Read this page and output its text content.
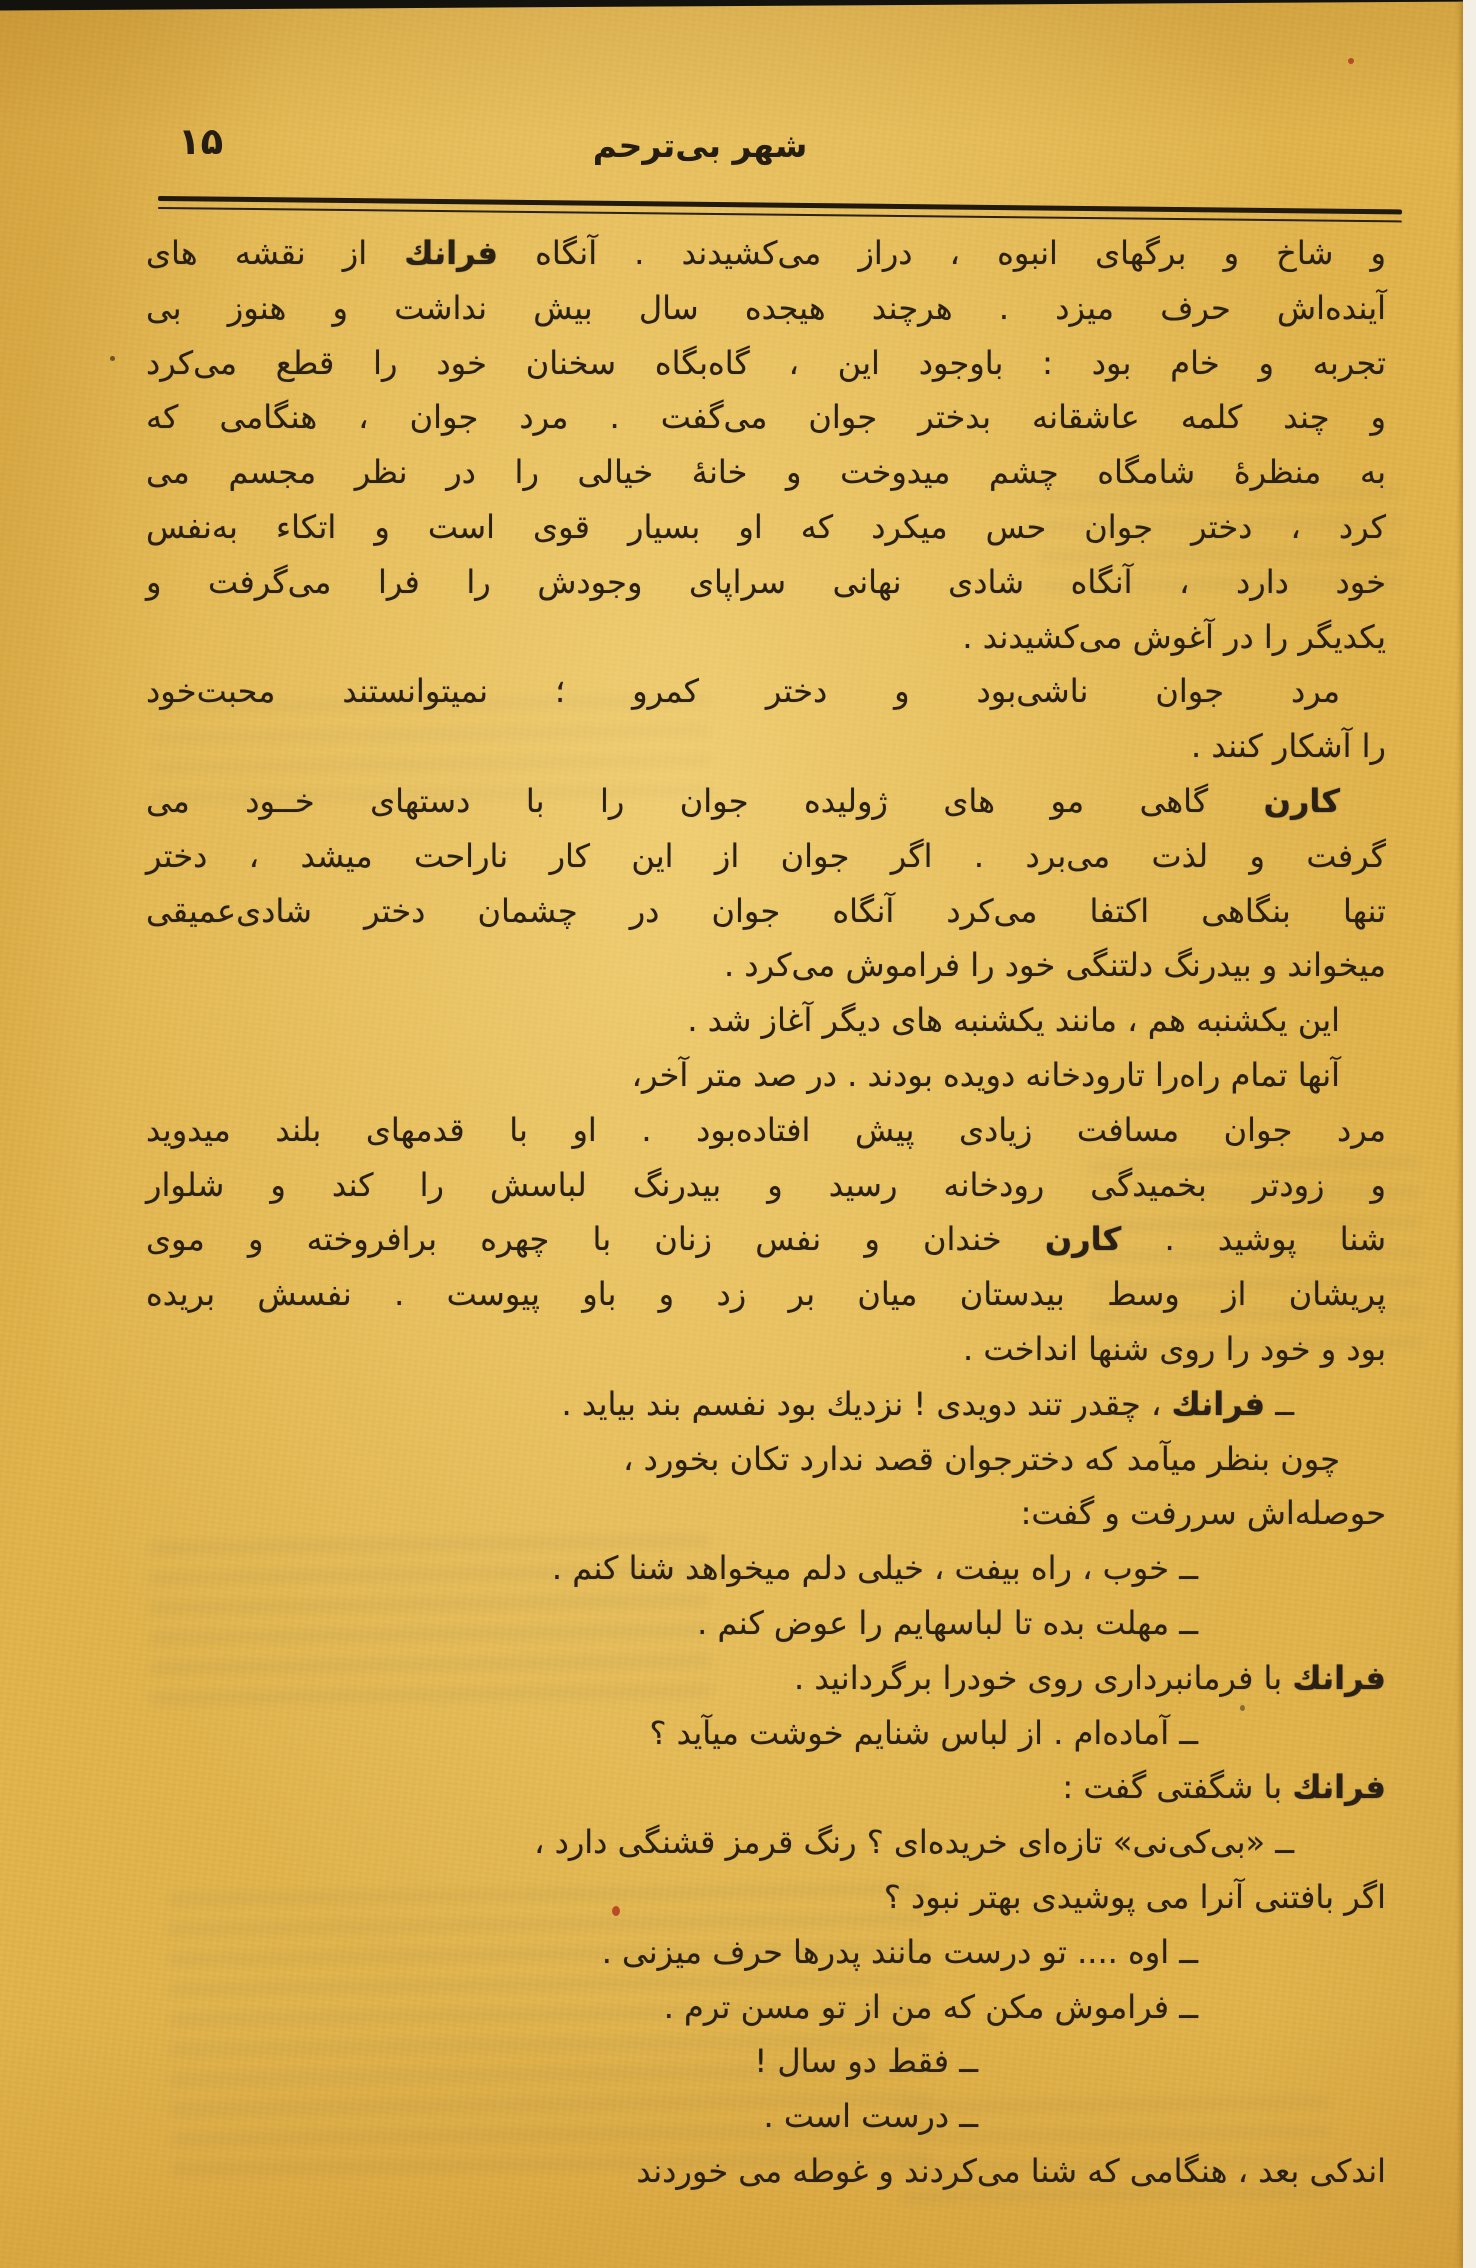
۱۵	شهر بی‌ترحم
و شاخ و برگهای انبوه ، دراز می‌کشیدند . آنگاه فرانك از نقشه های
آینده‌اش حرف میزد . هرچند هیجده سال بیش نداشت و هنوز بی
تجربه و خام بود : باوجود این ، گاه‌بگاه سخنان خود را قطع می‌کرد
و چند کلمه عاشقانه بدختر جوان می‌گفت . مرد جوان ، هنگامی که
به منظرهٔ شامگاه چشم میدوخت و خانهٔ خیالی را در نظر مجسم می
کرد ، دختر جوان حس میکرد که او بسیار قوی است و اتکاء به‌نفس
خود دارد ، آنگاه شادی نهانی سراپای وجودش را فرا می‌گرفت و
یکدیگر را در آغوش می‌کشیدند .
مرد جوان ناشی‌بود و دختر کمرو ؛ نمیتوانستند محبت‌خود
را آشکار کنند .
کارن گاهی مو های ژولیده جوان را با دستهای خــود می
گرفت و لذت می‌برد . اگر جوان از این کار ناراحت میشد ، دختر
تنها بنگاهی اکتفا می‌کرد آنگاه جوان در چشمان دختر شادی‌عمیقی
میخواند و بیدرنگ دلتنگی خود را فراموش می‌کرد .
این یکشنبه هم ، مانند یکشنبه های دیگر آغاز شد .
آنها تمام راه‌را تارودخانه دویده بودند . در صد متر آخر،
مرد جوان مسافت زیادی پیش افتاده‌بود . او با قدمهای بلند میدوید
و زودتر بخمیدگی رودخانه رسید و بیدرنگ لباسش را کند و شلوار
شنا پوشید . کارن خندان و نفس زنان با چهره برافروخته و موی
پریشان از وسط بیدستان میان بر زد و باو پیوست . نفسش بریده
بود و خود را روی شنها انداخت .
ــ فرانك ، چقدر تند دویدی ! نزدیك بود نفسم بند بیاید .
چون بنظر میآمد که دخترجوان قصد ندارد تکان بخورد ،
حوصله‌اش سررفت و گفت:
ــ خوب ، راه بیفت ، خیلی دلم میخواهد شنا کنم .
ــ مهلت بده تا لباسهایم را عوض کنم .
فرانك با فرمانبرداری روی خودرا برگردانید .
ــ آماده‌ام . از لباس شنایم خوشت میآید ؟
فرانك با شگفتی گفت :
ــ «بی‌کی‌نی» تازه‌ای خریده‌ای ؟ رنگ قرمز قشنگی دارد ،
اگر بافتنی آنرا می پوشیدی بهتر نبود ؟
ــ اوه .... تو درست مانند پدرها حرف میزنی .
ــ فراموش مکن که من از تو مسن ترم .
ــ فقط دو سال !
ــ درست است .
اندکی بعد ، هنگامی که شنا می‌کردند و غوطه می خوردند
